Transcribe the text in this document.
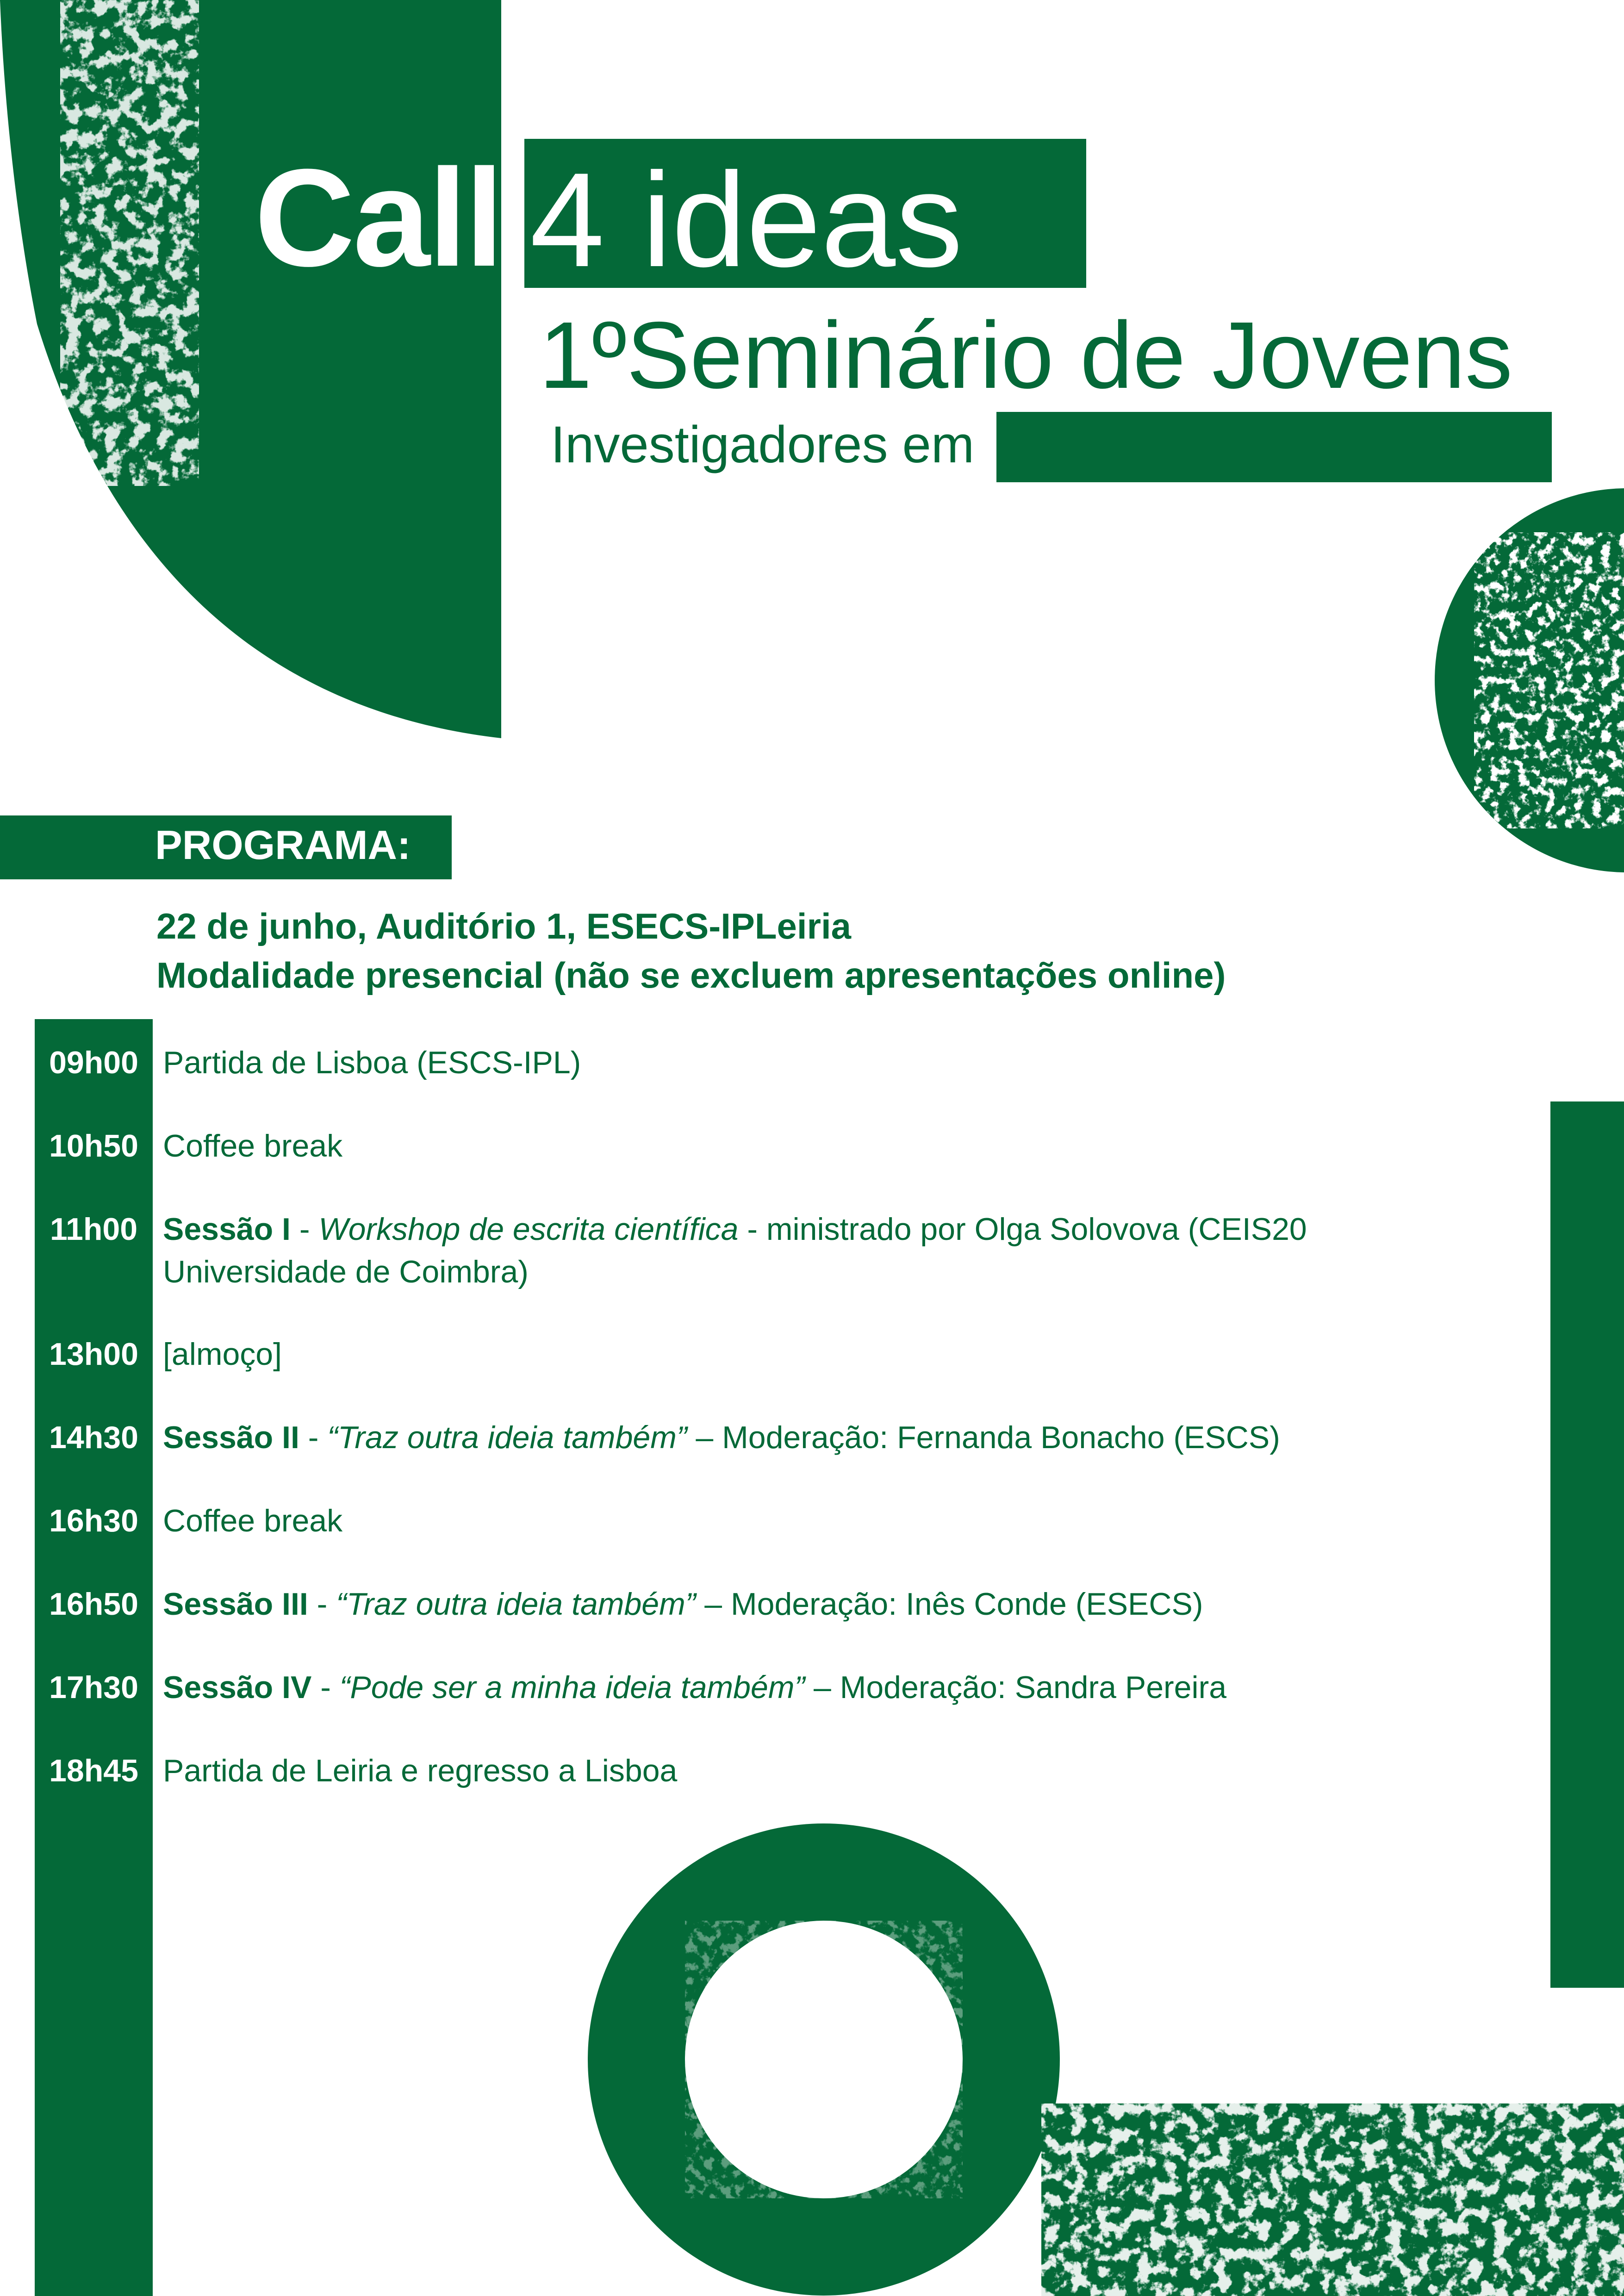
Call 4 ideas
1ºSeminário de Jovens
Investigadores em
PROGRAMA:
22 de junho, Auditório 1, ESECS-IPLeiria
Modalidade presencial (não se excluem apresentações online)
09h00 Partida de Lisboa (ESCS-IPL)
10h50 Coffee break
11h00 Sessão I - Workshop de escrita científica - ministrado por Olga Solovova (CEIS20
Universidade de Coimbra)
13h00 [almoço]
14h30 Sessão II - “Traz outra ideia também” – Moderação: Fernanda Bonacho (ESCS)
16h30 Coffee break
16h50 Sessão III - “Traz outra ideia também” – Moderação: Inês Conde (ESECS)
17h30 Sessão IV - “Pode ser a minha ideia também” – Moderação: Sandra Pereira
18h45 Partida de Leiria e regresso a Lisboa
